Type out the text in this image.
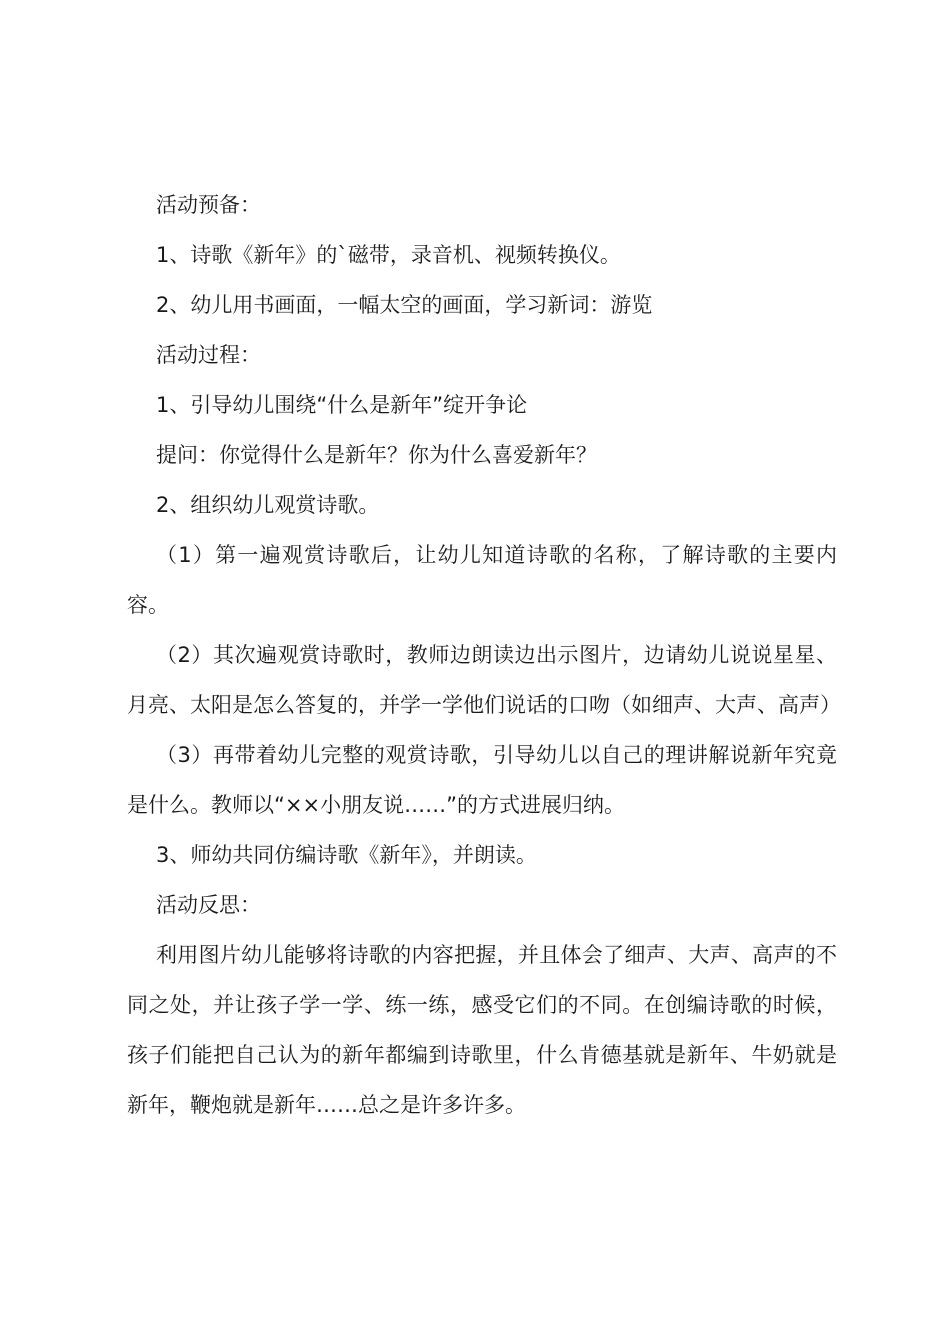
活动预备：

1、诗歌《新年》的`磁带，录音机、视频转换仪。

2、幼儿用书画面，一幅太空的画面，学习新词：游览

活动过程：

1、引导幼儿围绕“什么是新年”绽开争论

提问：你觉得什么是新年？你为什么喜爱新年？

2、组织幼儿观赏诗歌。

（1）第一遍观赏诗歌后，让幼儿知道诗歌的名称，了解诗歌的主要内容。

（2）其次遍观赏诗歌时，教师边朗读边出示图片，边请幼儿说说星星、月亮、太阳是怎么答复的，并学一学他们说话的口吻（如细声、大声、高声）

（3）再带着幼儿完整的观赏诗歌，引导幼儿以自己的理讲解说新年究竟是什么。教师以“××小朋友说……”的方式进展归纳。

3、师幼共同仿编诗歌《新年》，并朗读。

活动反思：

利用图片幼儿能够将诗歌的内容把握，并且体会了细声、大声、高声的不同之处，并让孩子学一学、练一练，感受它们的不同。在创编诗歌的时候，孩子们能把自己认为的新年都编到诗歌里，什么肯德基就是新年、牛奶就是新年，鞭炮就是新年……总之是许多许多。
